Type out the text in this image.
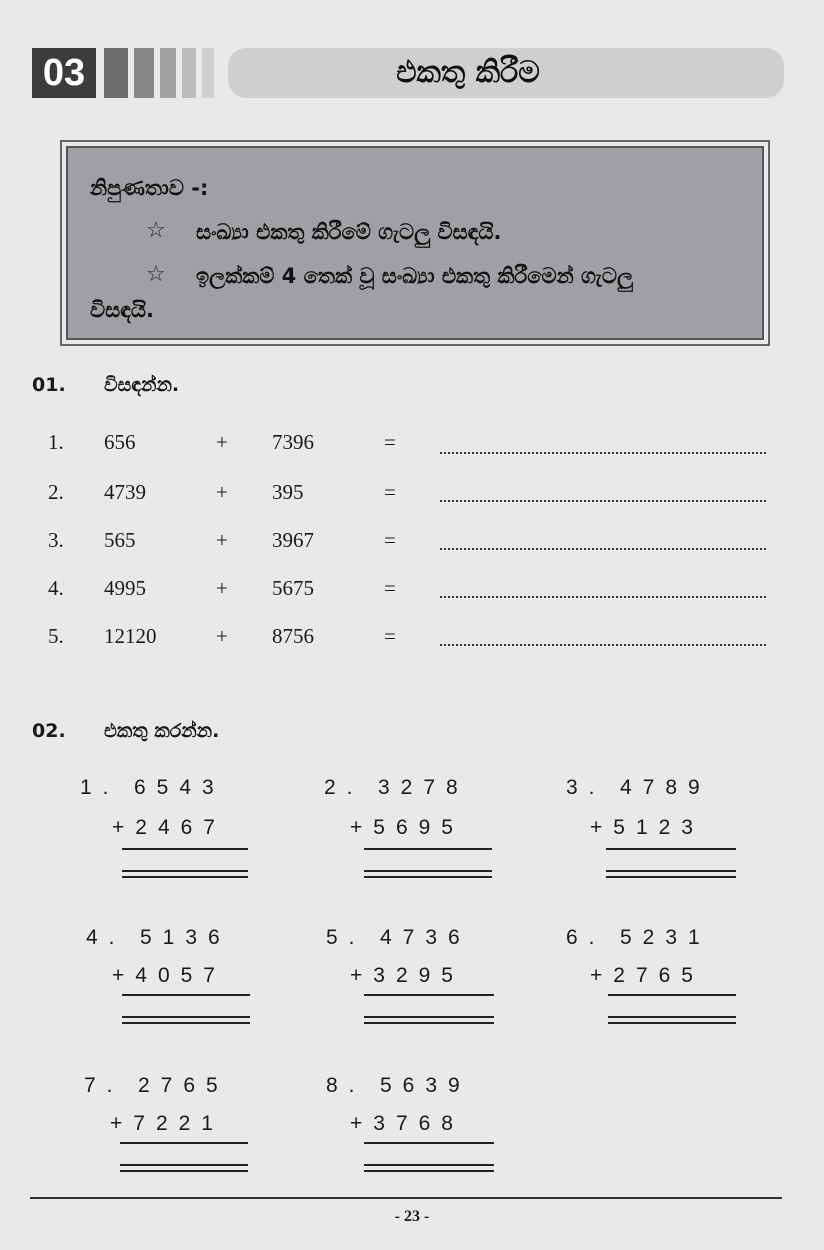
03	එකතු කිරීම
නිපුණතාව -:
☆ සංඛ්‍යා එකතු කිරීමේ ගැටලු විසඳයි.
☆ ඉලක්කම් 4 තෙක් වූ සංඛ්‍යා එකතු කිරීමෙන් ගැටලු
විසඳයි.
01. විසඳන්න.
1. 656	+ 7396	=
2. 4739	+ 395	=
3. 565	+ 3967	=
4. 4995	+ 5675	=
5. 12120	+ 8756	=
02. එකතු කරන්න.
1. 6543
+2467
2. 3278
+5695
3. 4789
+5123
4. 5136
+4057
5. 4736
+3295
6. 5231
+2765
7. 2765
+7221
8. 5639
+3768
- 23 -
